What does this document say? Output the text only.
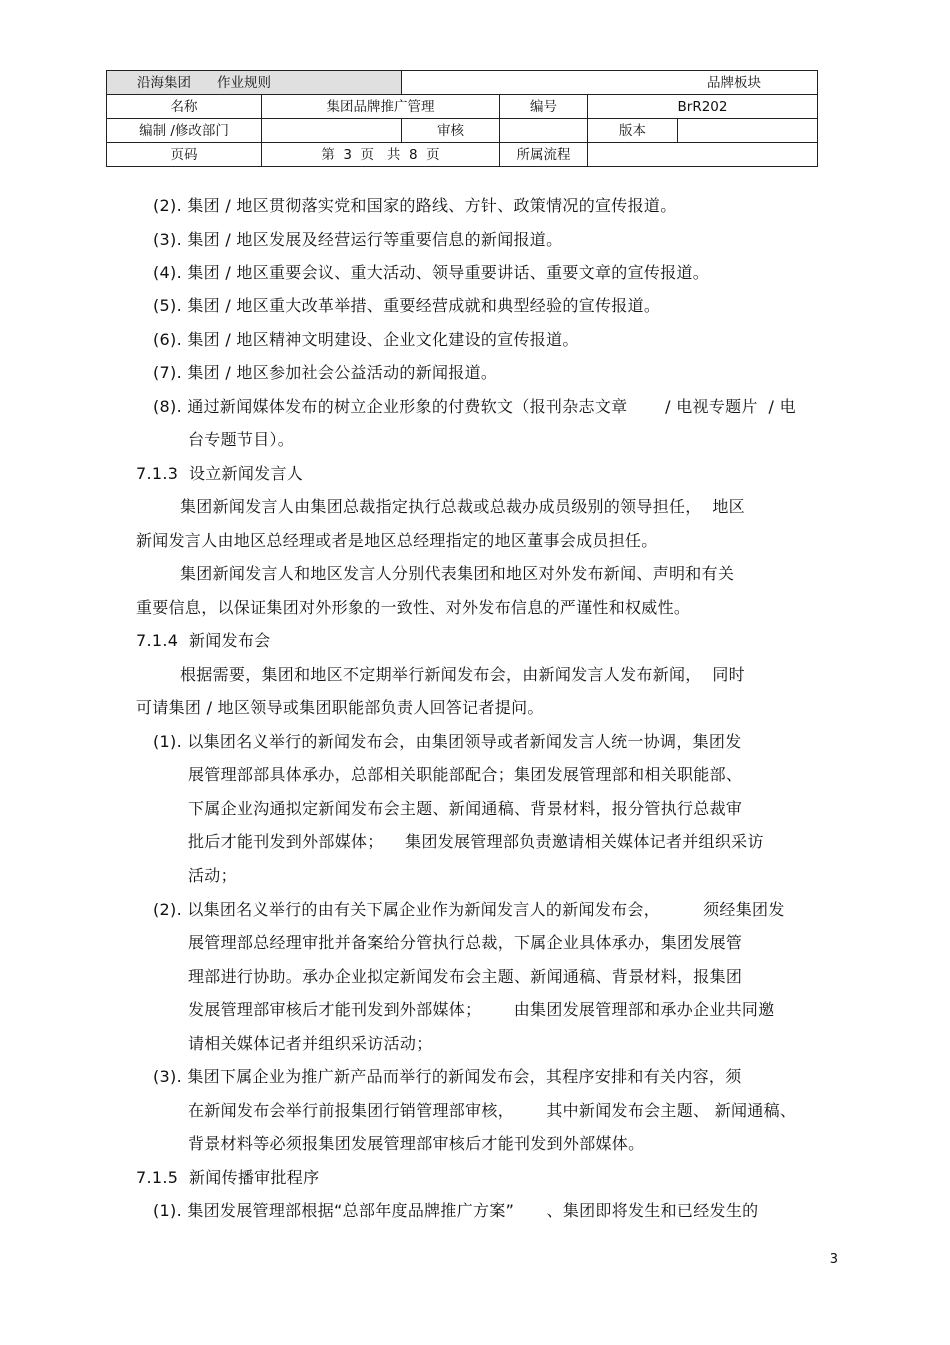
沿海集团 作业规则				品牌板块	
名称	集团品牌推广管理		编号	BrR202	
编制 /修改部门		审核		版本	
页码	第  3  页   共  8  页		所属流程		
(2). 集团 / 地区贯彻落实党和国家的路线、方针、政策情况的宣传报道。
(3). 集团 / 地区发展及经营运行等重要信息的新闻报道。
(4). 集团 / 地区重要会议、重大活动、领导重要讲话、重要文章的宣传报道。
(5). 集团 / 地区重大改革举措、重要经营成就和典型经验的宣传报道。
(6). 集团 / 地区精神文明建设、企业文化建设的宣传报道。
(7). 集团 / 地区参加社会公益活动的新闻报道。
(8). 通过新闻媒体发布的树立企业形象的付费软文（报刊杂志文章       / 电视专题片  / 电
台专题节目）。
7.1.3  设立新闻发言人
集团新闻发言人由集团总裁指定执行总裁或总裁办成员级别的领导担任，  地区
新闻发言人由地区总经理或者是地区总经理指定的地区董事会成员担任。
集团新闻发言人和地区发言人分别代表集团和地区对外发布新闻、声明和有关
重要信息，以保证集团对外形象的一致性、对外发布信息的严谨性和权威性。
7.1.4  新闻发布会
根据需要，集团和地区不定期举行新闻发布会，由新闻发言人发布新闻，  同时
可请集团 / 地区领导或集团职能部负责人回答记者提问。
(1). 以集团名义举行的新闻发布会，由集团领导或者新闻发言人统一协调，集团发
展管理部部具体承办，总部相关职能部配合；集团发展管理部和相关职能部、
下属企业沟通拟定新闻发布会主题、新闻通稿、背景材料，报分管执行总裁审
批后才能刊发到外部媒体；    集团发展管理部负责邀请相关媒体记者并组织采访
活动；
(2). 以集团名义举行的由有关下属企业作为新闻发言人的新闻发布会，        须经集团发
展管理部总经理审批并备案给分管执行总裁，下属企业具体承办，集团发展管
理部进行协助。承办企业拟定新闻发布会主题、新闻通稿、背景材料，报集团
发展管理部审核后才能刊发到外部媒体；      由集团发展管理部和承办企业共同邀
请相关媒体记者并组织采访活动；
(3). 集团下属企业为推广新产品而举行的新闻发布会，其程序安排和有关内容，须
在新闻发布会举行前报集团行销管理部审核，      其中新闻发布会主题、 新闻通稿、
背景材料等必须报集团发展管理部审核后才能刊发到外部媒体。
7.1.5  新闻传播审批程序
(1). 集团发展管理部根据“总部年度品牌推广方案”      、集团即将发生和已经发生的
3
